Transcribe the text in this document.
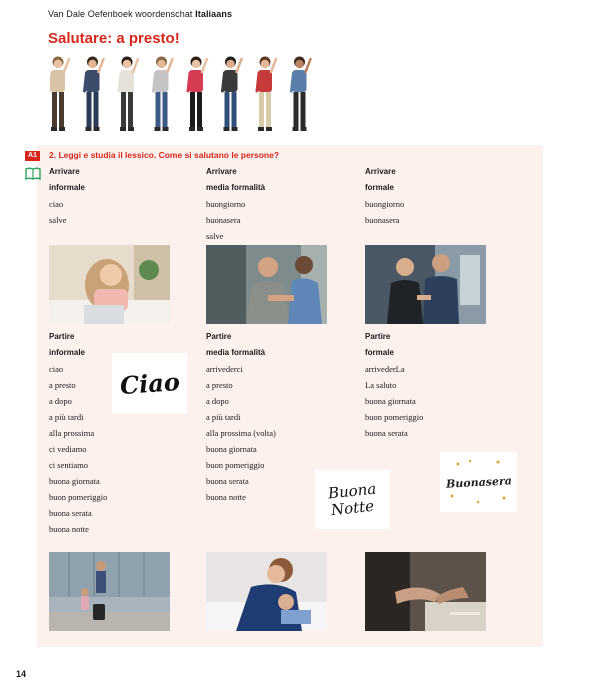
Van Dale Oefenboek woordenschat Italiaans
Salutare: a presto!
A1	2. Leggi e studia il lessico. Come si salutano le persone?
Arrivare
informale
ciao
salve
Arrivare
media formalità
buongiorno
buonasera
salve
Arrivare
formale
buongiorno
buonasera
Partire
informale
ciao
a presto
a dopo
a più tardi
alla prossima
ci vediamo
ci sentiamo
buona giornata
buon pomeriggio
buona serata
buona notte
Partire
media formalità
arrivederci
a presto
a dopo
a più tardi
alla prossima (volta)
buona giornata
buon pomeriggio
buona serata
buona notte
Partire
formale
arrivederLa
La saluto
buona giornata
buon pomeriggio
buona serata
Ciao
Buona
Notte
Buonasera
14
